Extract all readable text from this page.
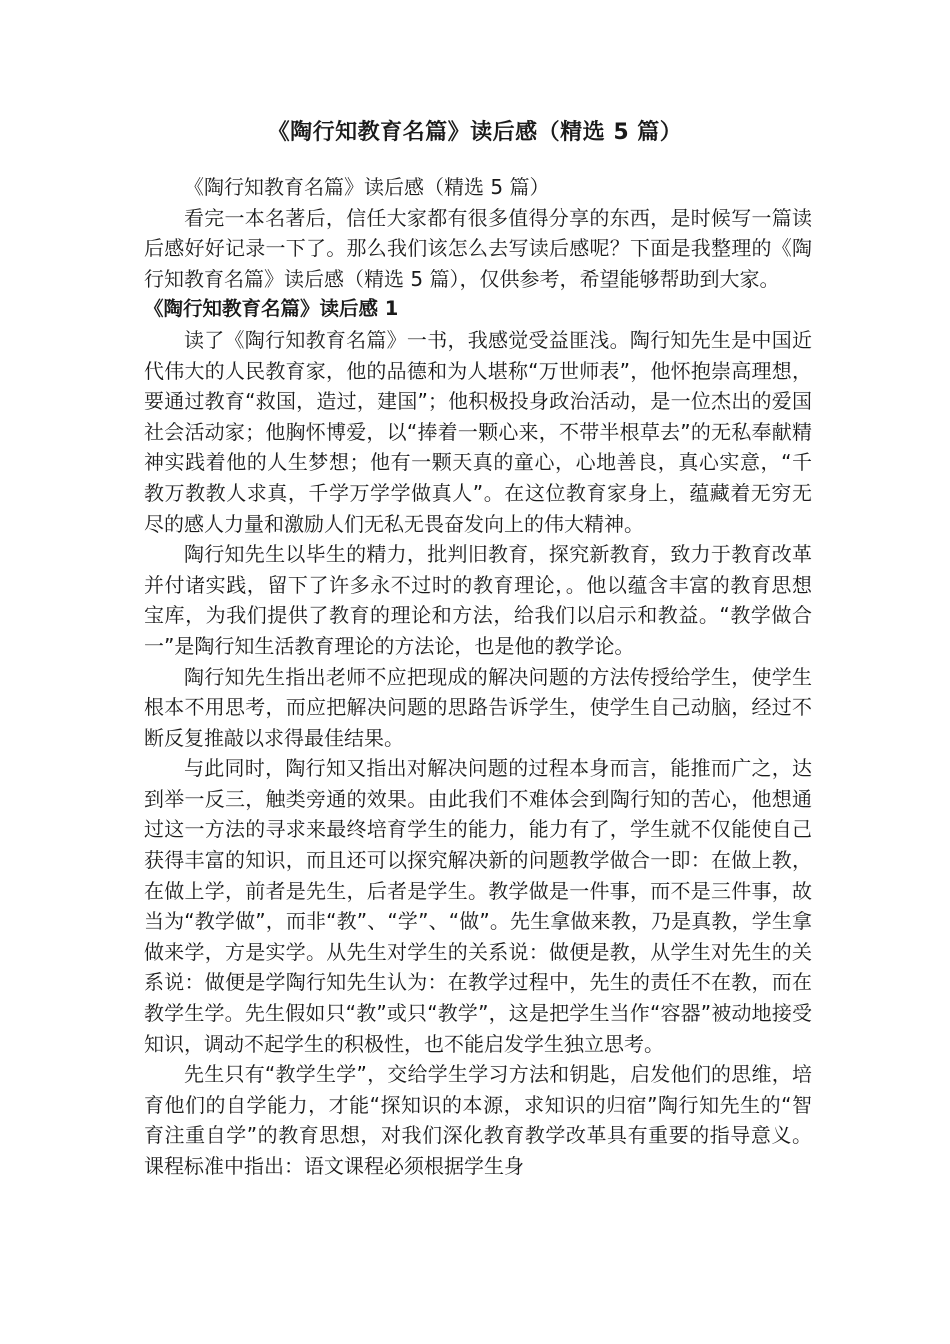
《陶行知教育名篇》读后感（精选 5 篇）

《陶行知教育名篇》读后感（精选 5 篇）

看完一本名著后，信任大家都有很多值得分享的东西，是时候写一篇读后感好好记录一下了。那么我们该怎么去写读后感呢？下面是我整理的《陶行知教育名篇》读后感（精选 5 篇），仅供参考，希望能够帮助到大家。

《陶行知教育名篇》读后感 1

读了《陶行知教育名篇》一书，我感觉受益匪浅。陶行知先生是中国近代伟大的人民教育家，他的品德和为人堪称“万世师表”，他怀抱崇高理想，要通过教育“救国，造过，建国”；他积极投身政治活动，是一位杰出的爱国社会活动家；他胸怀博爱，以“捧着一颗心来，不带半根草去”的无私奉献精神实践着他的人生梦想；他有一颗天真的童心，心地善良，真心实意，“千教万教教人求真，千学万学学做真人”。在这位教育家身上，蕴藏着无穷无尽的感人力量和激励人们无私无畏奋发向上的伟大精神。

陶行知先生以毕生的精力，批判旧教育，探究新教育，致力于教育改革并付诸实践，留下了许多永不过时的教育理论，。他以蕴含丰富的教育思想宝库，为我们提供了教育的理论和方法，给我们以启示和教益。“教学做合一”是陶行知生活教育理论的方法论，也是他的教学论。

陶行知先生指出老师不应把现成的解决问题的方法传授给学生，使学生根本不用思考，而应把解决问题的思路告诉学生，使学生自己动脑，经过不断反复推敲以求得最佳结果。

与此同时，陶行知又指出对解决问题的过程本身而言，能推而广之，达到举一反三，触类旁通的效果。由此我们不难体会到陶行知的苦心，他想通过这一方法的寻求来最终培育学生的能力，能力有了，学生就不仅能使自己获得丰富的知识，而且还可以探究解决新的问题教学做合一即：在做上教，在做上学，前者是先生，后者是学生。教学做是一件事，而不是三件事，故当为“教学做”，而非“教”、“学”、“做”。先生拿做来教，乃是真教，学生拿做来学，方是实学。从先生对学生的关系说：做便是教，从学生对先生的关系说：做便是学陶行知先生认为：在教学过程中，先生的责任不在教，而在教学生学。先生假如只“教”或只“教学”，这是把学生当作“容器”被动地接受知识，调动不起学生的积极性，也不能启发学生独立思考。

先生只有“教学生学”，交给学生学习方法和钥匙，启发他们的思维，培育他们的自学能力，才能“探知识的本源，求知识的归宿”陶行知先生的“智育注重自学”的教育思想，对我们深化教育教学改革具有重要的指导意义。课程标准中指出：语文课程必须根据学生身
